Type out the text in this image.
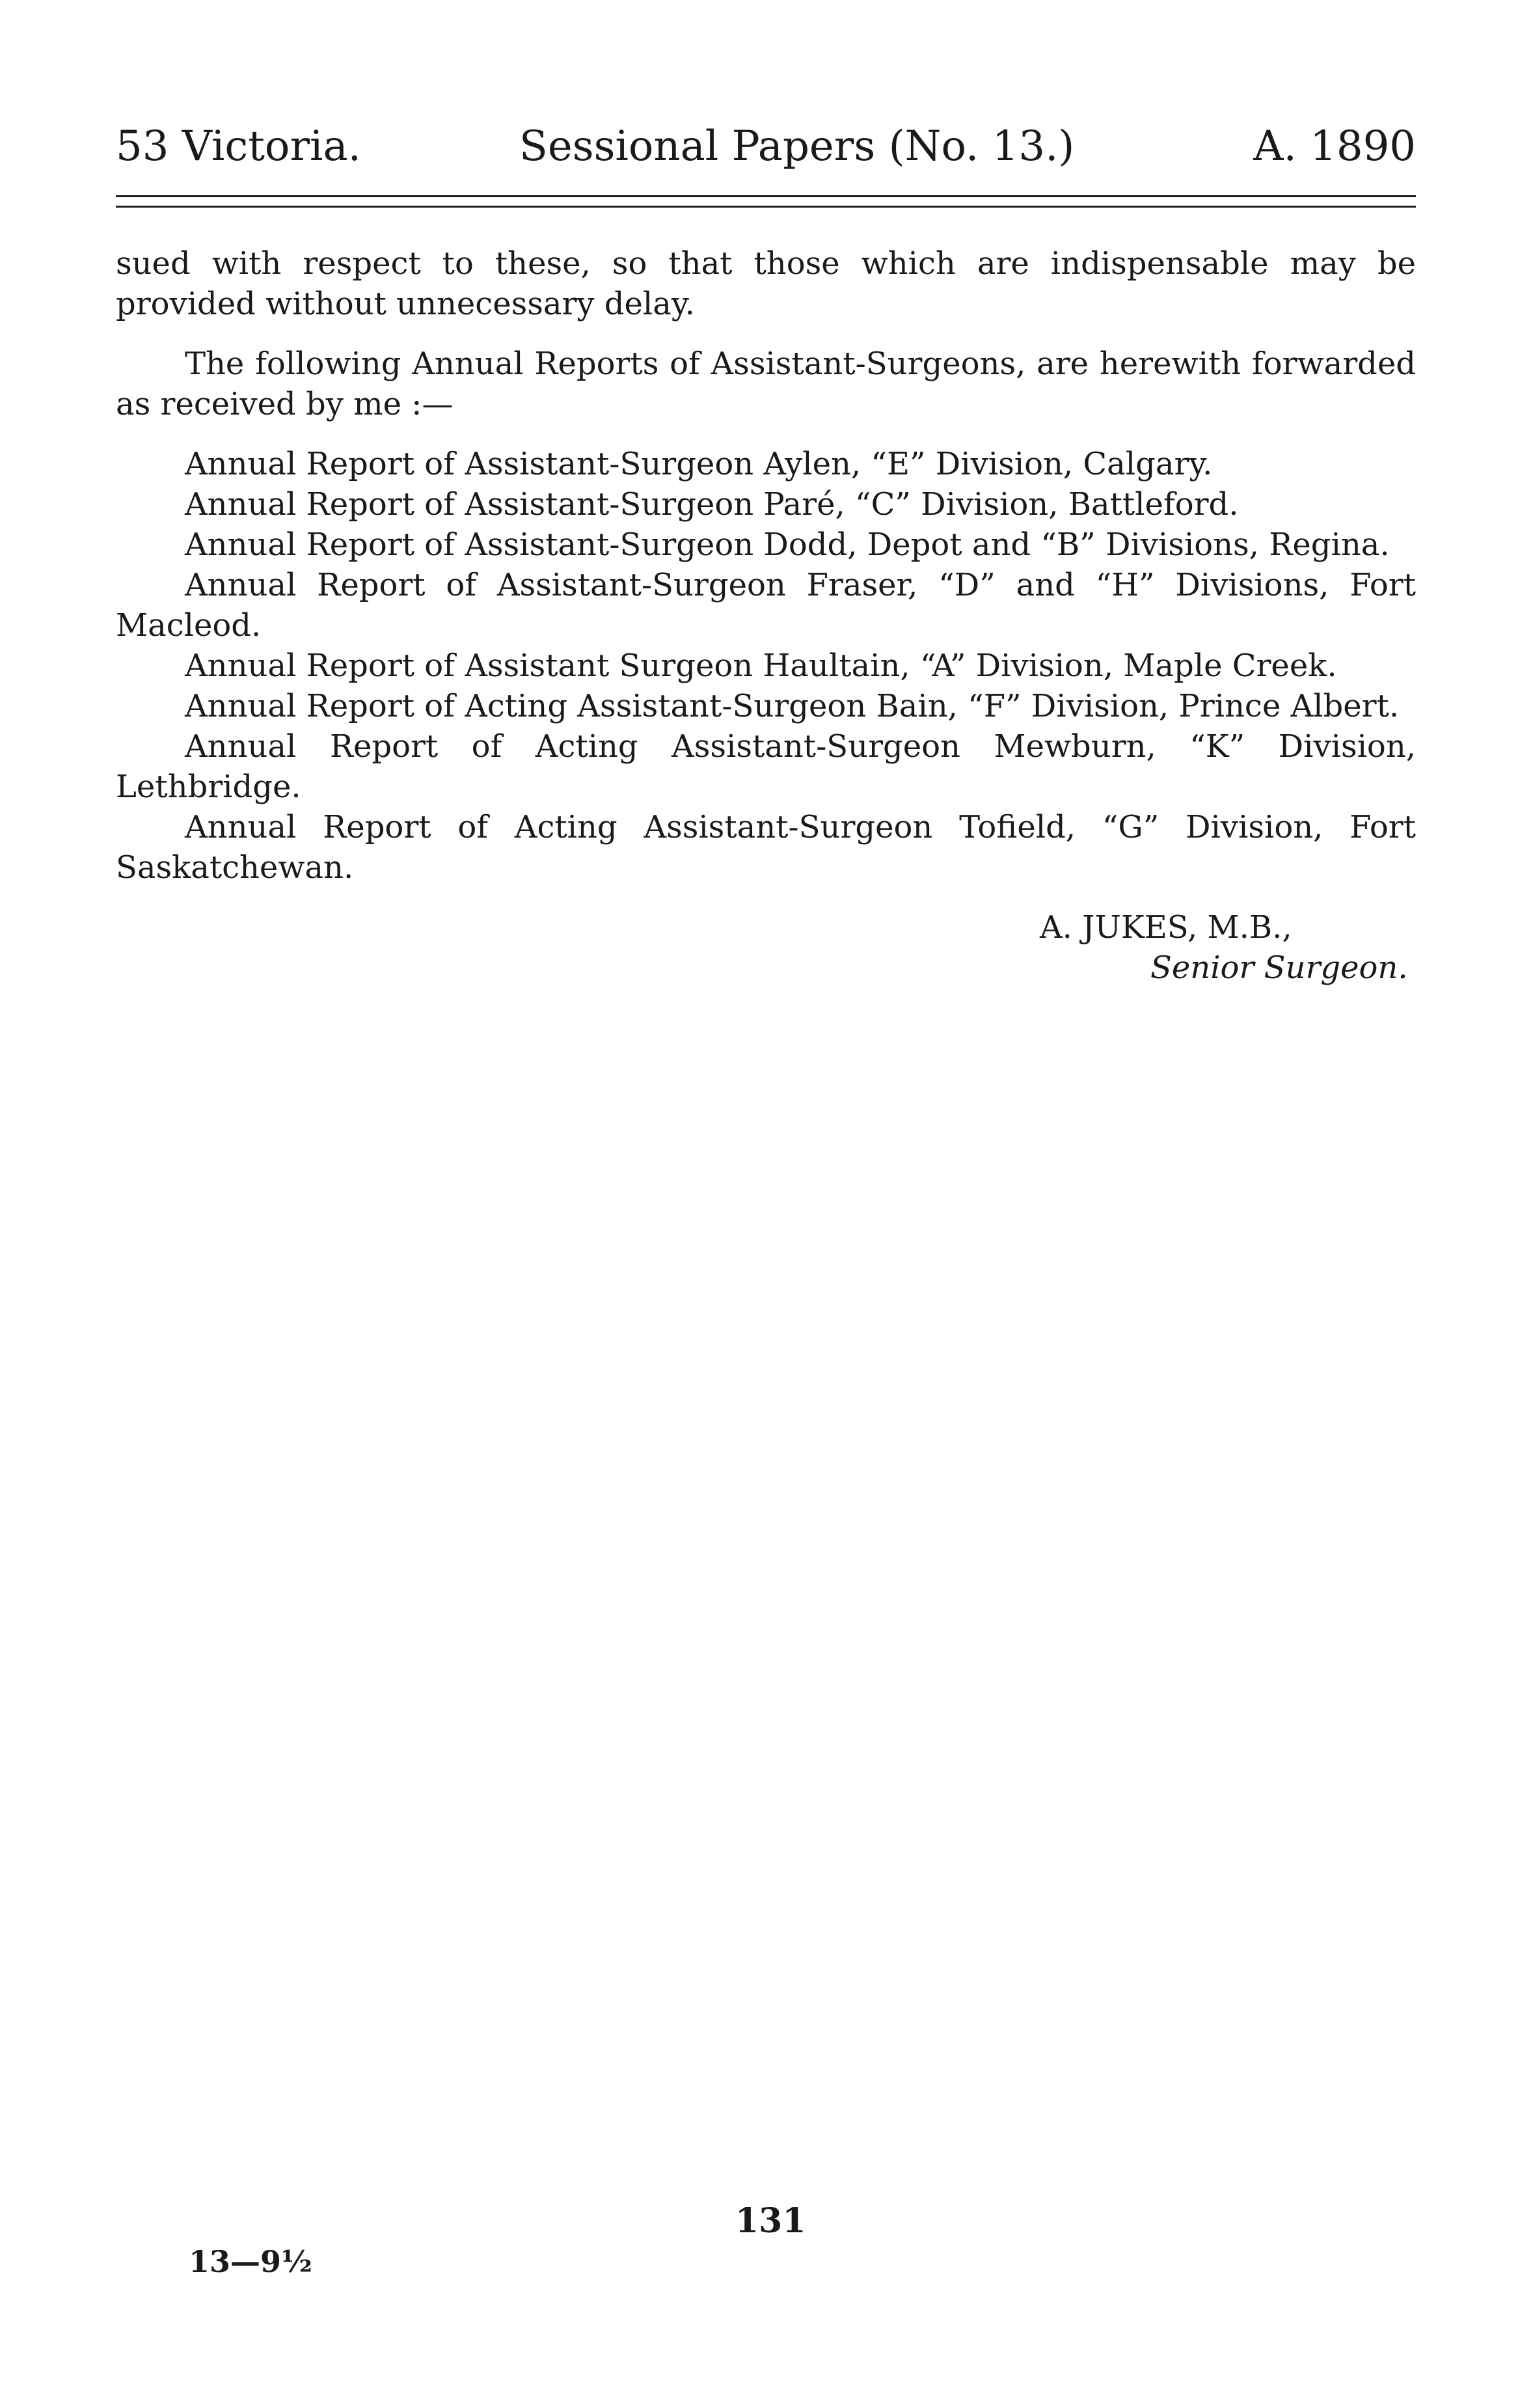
53 Victoria.	Sessional Papers (No. 13.)	A. 1890

sued with respect to these, so that those which are indispensable may be provided without unnecessary delay.

The following Annual Reports of Assistant-Surgeons, are herewith forwarded as received by me :—

Annual Report of Assistant-Surgeon Aylen, “E” Division, Calgary.

Annual Report of Assistant-Surgeon Paré, “C” Division, Battleford.

Annual Report of Assistant-Surgeon Dodd, Depot and “B” Divisions, Regina.

Annual Report of Assistant-Surgeon Fraser, “D” and “H” Divisions, Fort Macleod.

Annual Report of Assistant Surgeon Haultain, “A” Division, Maple Creek.

Annual Report of Acting Assistant-Surgeon Bain, “F” Division, Prince Albert.

Annual Report of Acting Assistant-Surgeon Mewburn, “K” Division, Lethbridge.

Annual Report of Acting Assistant-Surgeon Tofield, “G” Division, Fort Saskatchewan.

A. JUKES, M.B.,
Senior Surgeon.
131
13—9½
